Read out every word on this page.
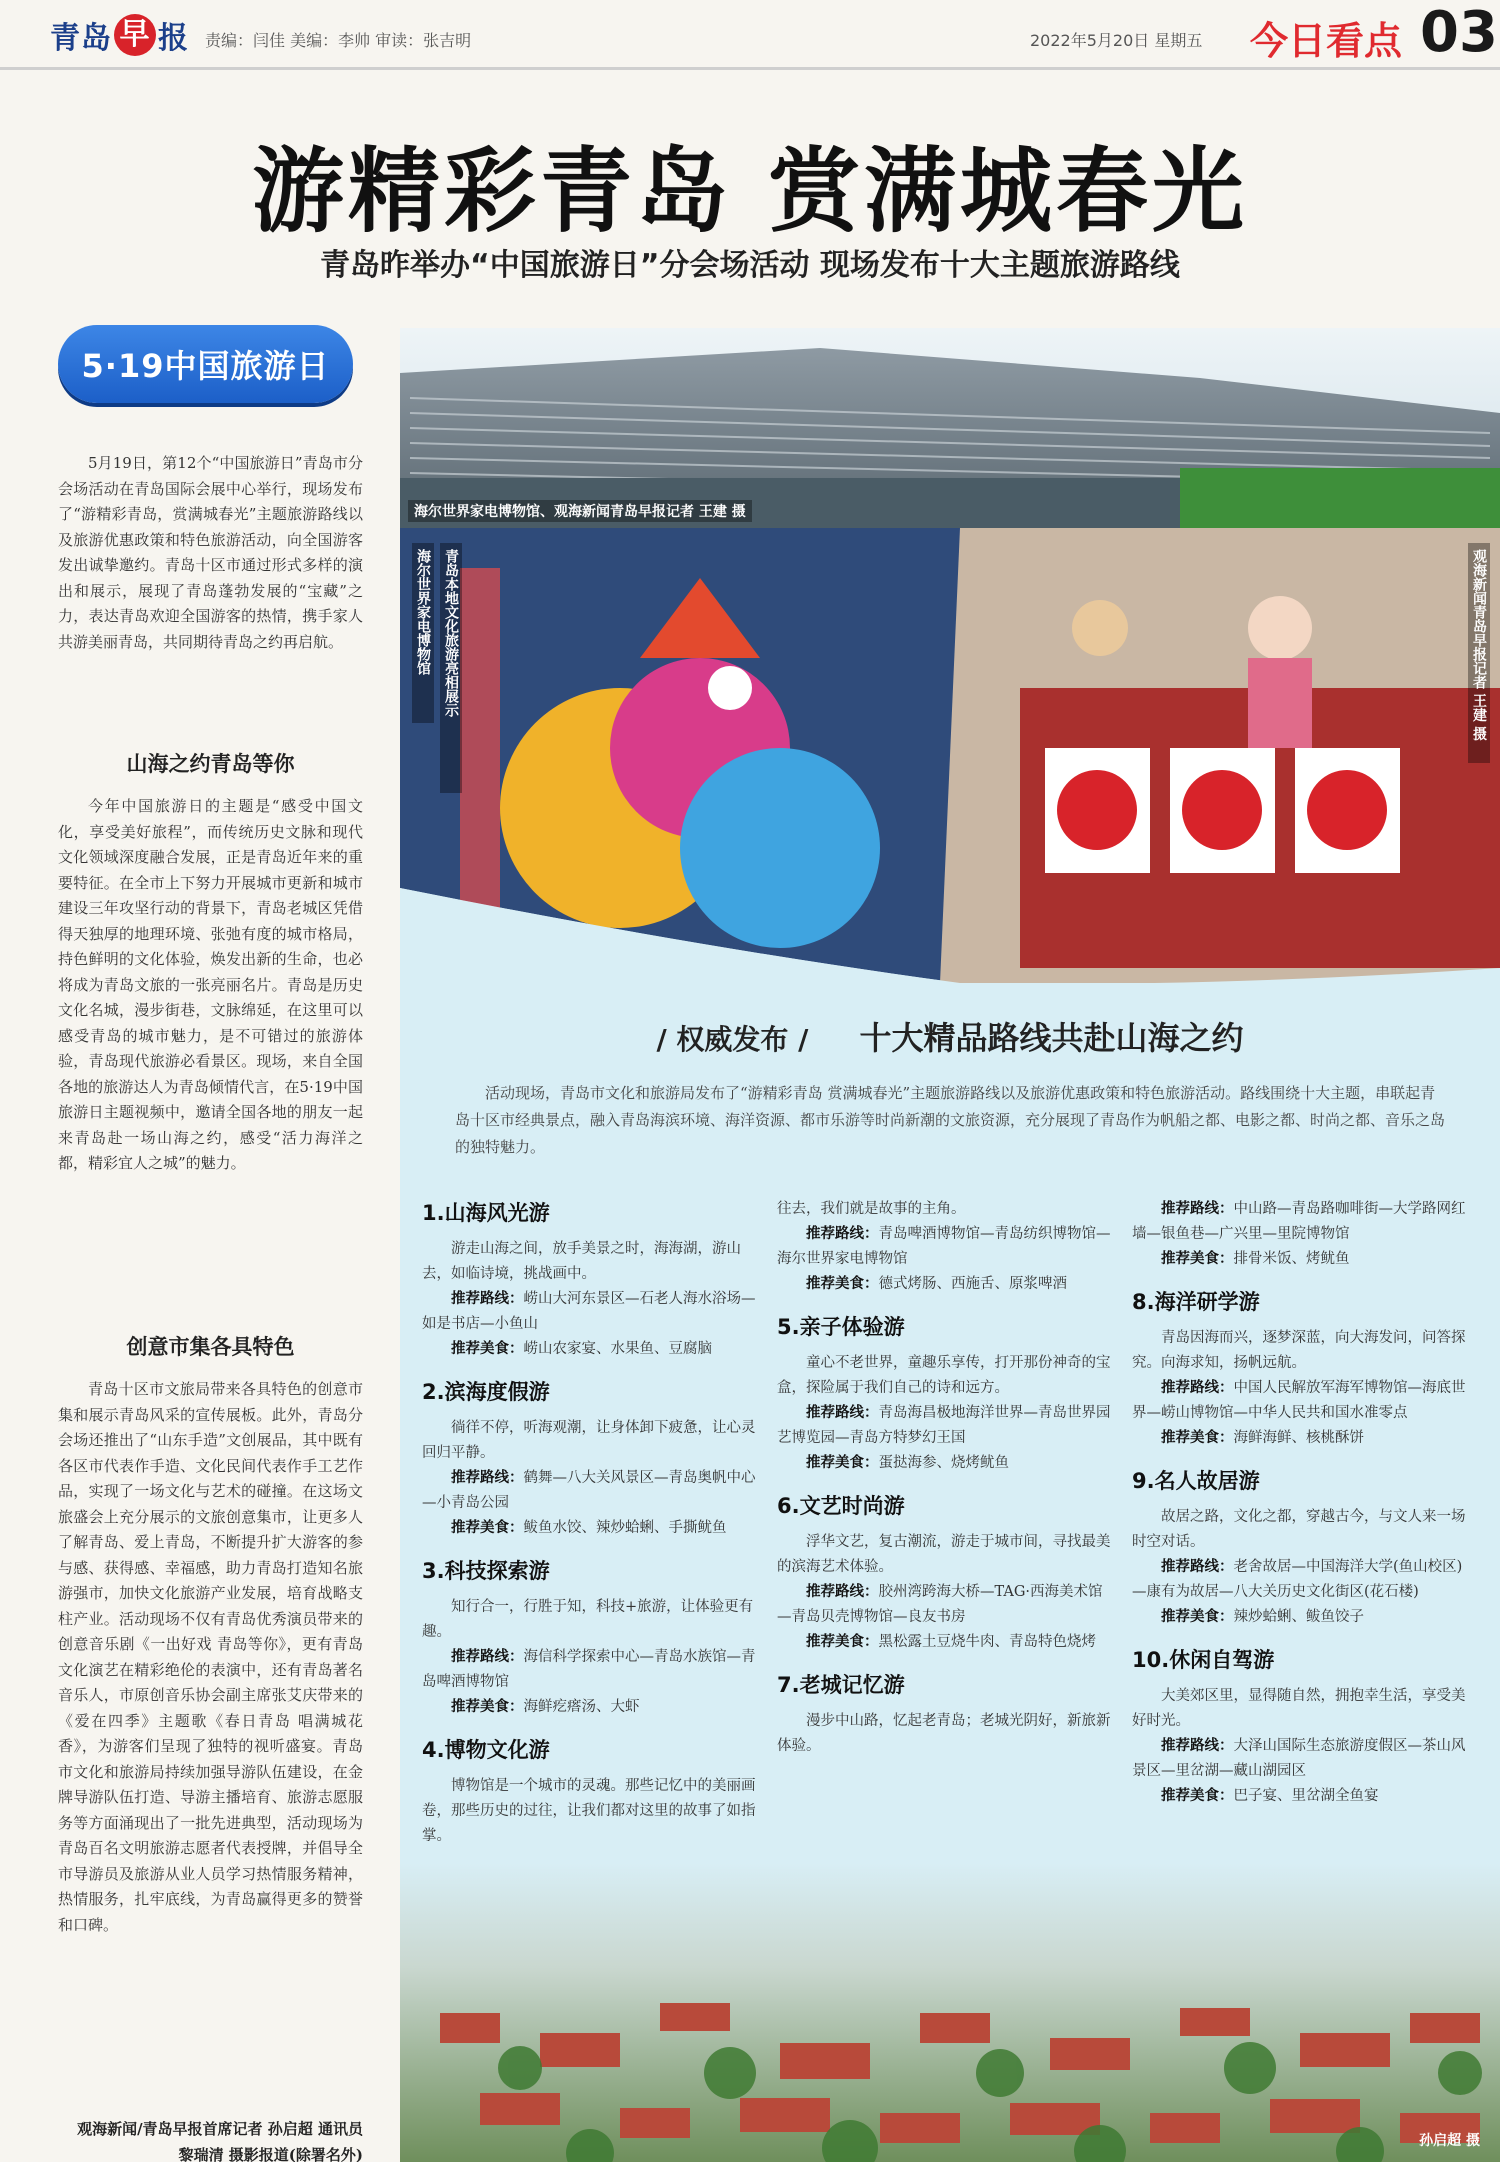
青岛 早 报 责编：闫佳 美编：李帅 审读：张吉明	2022年5月20日 星期五 今日看点 03
游精彩青岛 赏满城春光
青岛昨举办“中国旅游日”分会场活动 现场发布十大主题旅游路线
5·19中国旅游日

5月19日，第12个“中国旅游日”青岛市分会场活动在青岛国际会展中心举行，现场发布了“游精彩青岛，赏满城春光”主题旅游路线以及旅游优惠政策和特色旅游活动，向全国游客发出诚挚邀约。青岛十区市通过形式多样的演出和展示，展现了青岛蓬勃发展的“宝藏”之力，表达青岛欢迎全国游客的热情，携手家人共游美丽青岛，共同期待青岛之约再启航。

山海之约青岛等你

今年中国旅游日的主题是“感受中国文化，享受美好旅程”，而传统历史文脉和现代文化领域深度融合发展，正是青岛近年来的重要特征。在全市上下努力开展城市更新和城市建设三年攻坚行动的背景下，青岛老城区凭借得天独厚的地理环境、张弛有度的城市格局，持色鲜明的文化体验，焕发出新的生命，也必将成为青岛文旅的一张亮丽名片。青岛是历史文化名城，漫步街巷，文脉绵延，在这里可以感受青岛的城市魅力，是不可错过的旅游体验，青岛现代旅游必看景区。现场，来自全国各地的旅游达人为青岛倾情代言，在5·19中国旅游日主题视频中，邀请全国各地的朋友一起来青岛赴一场山海之约，感受“活力海洋之都，精彩宜人之城”的魅力。

创意市集各具特色

青岛十区市文旅局带来各具特色的创意市集和展示青岛风采的宣传展板。此外，青岛分会场还推出了“山东手造”文创展品，其中既有各区市代表作手造、文化民间代表作手工艺作品，实现了一场文化与艺术的碰撞。在这场文旅盛会上充分展示的文旅创意集市，让更多人了解青岛、爱上青岛，不断提升扩大游客的参与感、获得感、幸福感，助力青岛打造知名旅游强市，加快文化旅游产业发展，培育战略支柱产业。活动现场不仅有青岛优秀演员带来的创意音乐剧《一出好戏 青岛等你》，更有青岛文化演艺在精彩绝伦的表演中，还有青岛著名音乐人，市原创音乐协会副主席张艾庆带来的《爱在四季》主题歌《春日青岛 唱满城花香》，为游客们呈现了独特的视听盛宴。青岛市文化和旅游局持续加强导游队伍建设，在金牌导游队伍打造、导游主播培育、旅游志愿服务等方面涌现出了一批先进典型，活动现场为青岛百名文明旅游志愿者代表授牌，并倡导全市导游员及旅游从业人员学习热情服务精神，热情服务，扎牢底线，为青岛赢得更多的赞誉和口碑。

观海新闻/青岛早报首席记者 孙启超 通讯员 黎瑞清 摄影报道(除署名外)
海尔世界家电博物馆、观海新闻青岛早报记者 王建 摄
海尔世界家电博物馆 青岛本地文化旅游亮相展示	观海新闻青岛早报记者 王建 摄
/ 权威发布 / 十大精品路线共赴山海之约

活动现场，青岛市文化和旅游局发布了“游精彩青岛 赏满城春光”主题旅游路线以及旅游优惠政策和特色旅游活动。路线围绕十大主题，串联起青岛十区市经典景点，融入青岛海滨环境、海洋资源、都市乐游等时尚新潮的文旅资源，充分展现了青岛作为帆船之都、电影之都、时尚之都、音乐之岛的独特魅力。

1.山海风光游

游走山海之间，放手美景之时，海海湖，游山去，如临诗境，挑战画中。

推荐路线：崂山大河东景区—石老人海水浴场—如是书店—小鱼山

推荐美食：崂山农家宴、水果鱼、豆腐脑

2.滨海度假游

徜徉不停，听海观潮，让身体卸下疲惫，让心灵回归平静。

推荐路线：鹤舞—八大关风景区—青岛奥帆中心—小青岛公园

推荐美食：鲅鱼水饺、辣炒蛤蜊、手撕鱿鱼

3.科技探索游

知行合一，行胜于知，科技+旅游，让体验更有趣。

推荐路线：海信科学探索中心—青岛水族馆—青岛啤酒博物馆

推荐美食：海鲜疙瘩汤、大虾

4.博物文化游

博物馆是一个城市的灵魂。那些记忆中的美丽画卷，那些历史的过往，让我们都对这里的故事了如指掌。

往去，我们就是故事的主角。

推荐路线：青岛啤酒博物馆—青岛纺织博物馆—海尔世界家电博物馆

推荐美食：德式烤肠、西施舌、原浆啤酒

5.亲子体验游

童心不老世界，童趣乐享传，打开那份神奇的宝盒，探险属于我们自己的诗和远方。

推荐路线：青岛海昌极地海洋世界—青岛世界园艺博览园—青岛方特梦幻王国

推荐美食：蛋挞海参、烧烤鱿鱼

6.文艺时尚游

浮华文艺，复古潮流，游走于城市间，寻找最美的滨海艺术体验。

推荐路线：胶州湾跨海大桥—TAG·西海美术馆—青岛贝壳博物馆—良友书房

推荐美食：黑松露土豆烧牛肉、青岛特色烧烤

7.老城记忆游

漫步中山路，忆起老青岛；老城光阴好，新旅新体验。

推荐路线：中山路—青岛路咖啡街—大学路网红墙—银鱼巷—广兴里—里院博物馆

推荐美食：排骨米饭、烤鱿鱼

8.海洋研学游

青岛因海而兴，逐梦深蓝，向大海发问，问答探究。向海求知，扬帆远航。

推荐路线：中国人民解放军海军博物馆—海底世界—崂山博物馆—中华人民共和国水准零点

推荐美食：海鲜海鲜、核桃酥饼

9.名人故居游

故居之路，文化之都，穿越古今，与文人来一场时空对话。

推荐路线：老舍故居—中国海洋大学(鱼山校区)—康有为故居—八大关历史文化街区(花石楼)

推荐美食：辣炒蛤蜊、鲅鱼饺子

10.休闲自驾游

大美郊区里，显得随自然，拥抱幸生活，享受美好时光。

推荐路线：大泽山国际生态旅游度假区—茶山风景区—里岔湖—藏山湖园区

推荐美食：巴子宴、里岔湖全鱼宴

孙启超 摄
